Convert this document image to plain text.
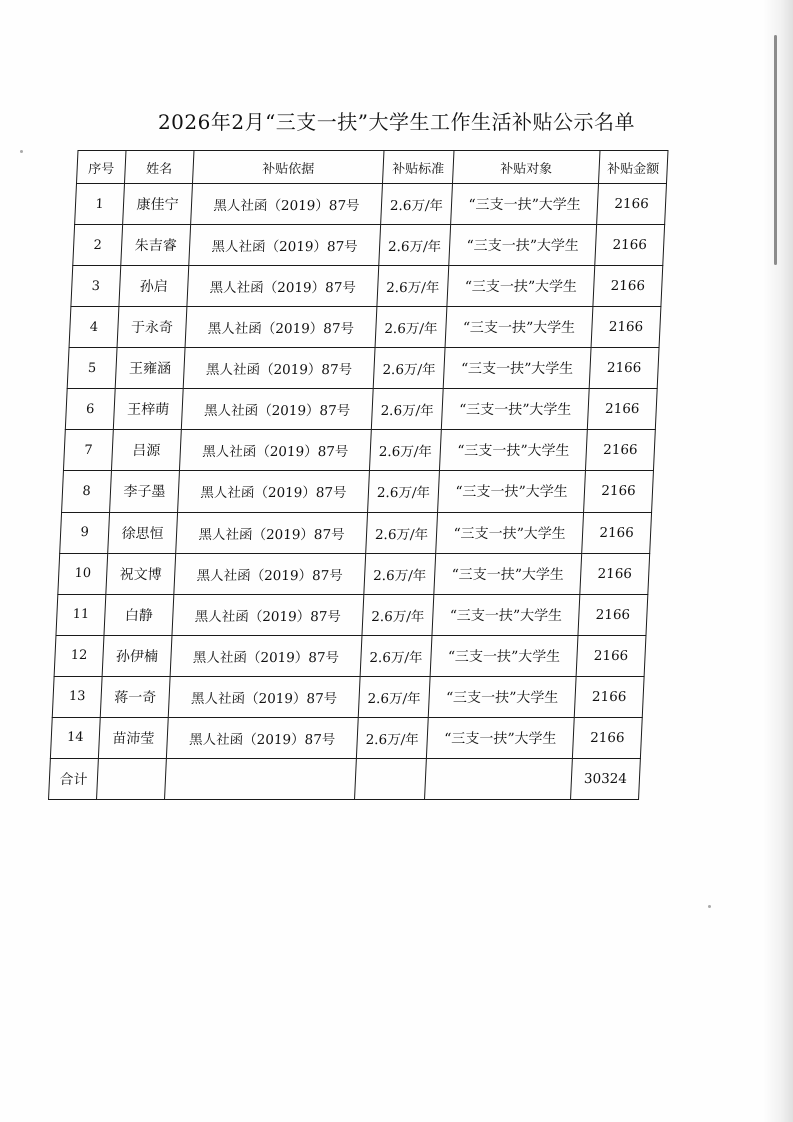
2026年2月“三支一扶”大学生工作生活补贴公示名单
序号	姓名	补贴依据	补贴标准	补贴对象	补贴金额
1	康佳宁	黑人社函（2019）87号	2.6万/年	“三支一扶”大学生	2166
2	朱吉睿	黑人社函（2019）87号	2.6万/年	“三支一扶”大学生	2166
3	孙启	黑人社函（2019）87号	2.6万/年	“三支一扶”大学生	2166
4	于永奇	黑人社函（2019）87号	2.6万/年	“三支一扶”大学生	2166
5	王雍涵	黑人社函（2019）87号	2.6万/年	“三支一扶”大学生	2166
6	王梓萌	黑人社函（2019）87号	2.6万/年	“三支一扶”大学生	2166
7	吕源	黑人社函（2019）87号	2.6万/年	“三支一扶”大学生	2166
8	李子墨	黑人社函（2019）87号	2.6万/年	“三支一扶”大学生	2166
9	徐思恒	黑人社函（2019）87号	2.6万/年	“三支一扶”大学生	2166
10	祝文博	黑人社函（2019）87号	2.6万/年	“三支一扶”大学生	2166
11	白静	黑人社函（2019）87号	2.6万/年	“三支一扶”大学生	2166
12	孙伊楠	黑人社函（2019）87号	2.6万/年	“三支一扶”大学生	2166
13	蒋一奇	黑人社函（2019）87号	2.6万/年	“三支一扶”大学生	2166
14	苗沛莹	黑人社函（2019）87号	2.6万/年	“三支一扶”大学生	2166
合计					30324
